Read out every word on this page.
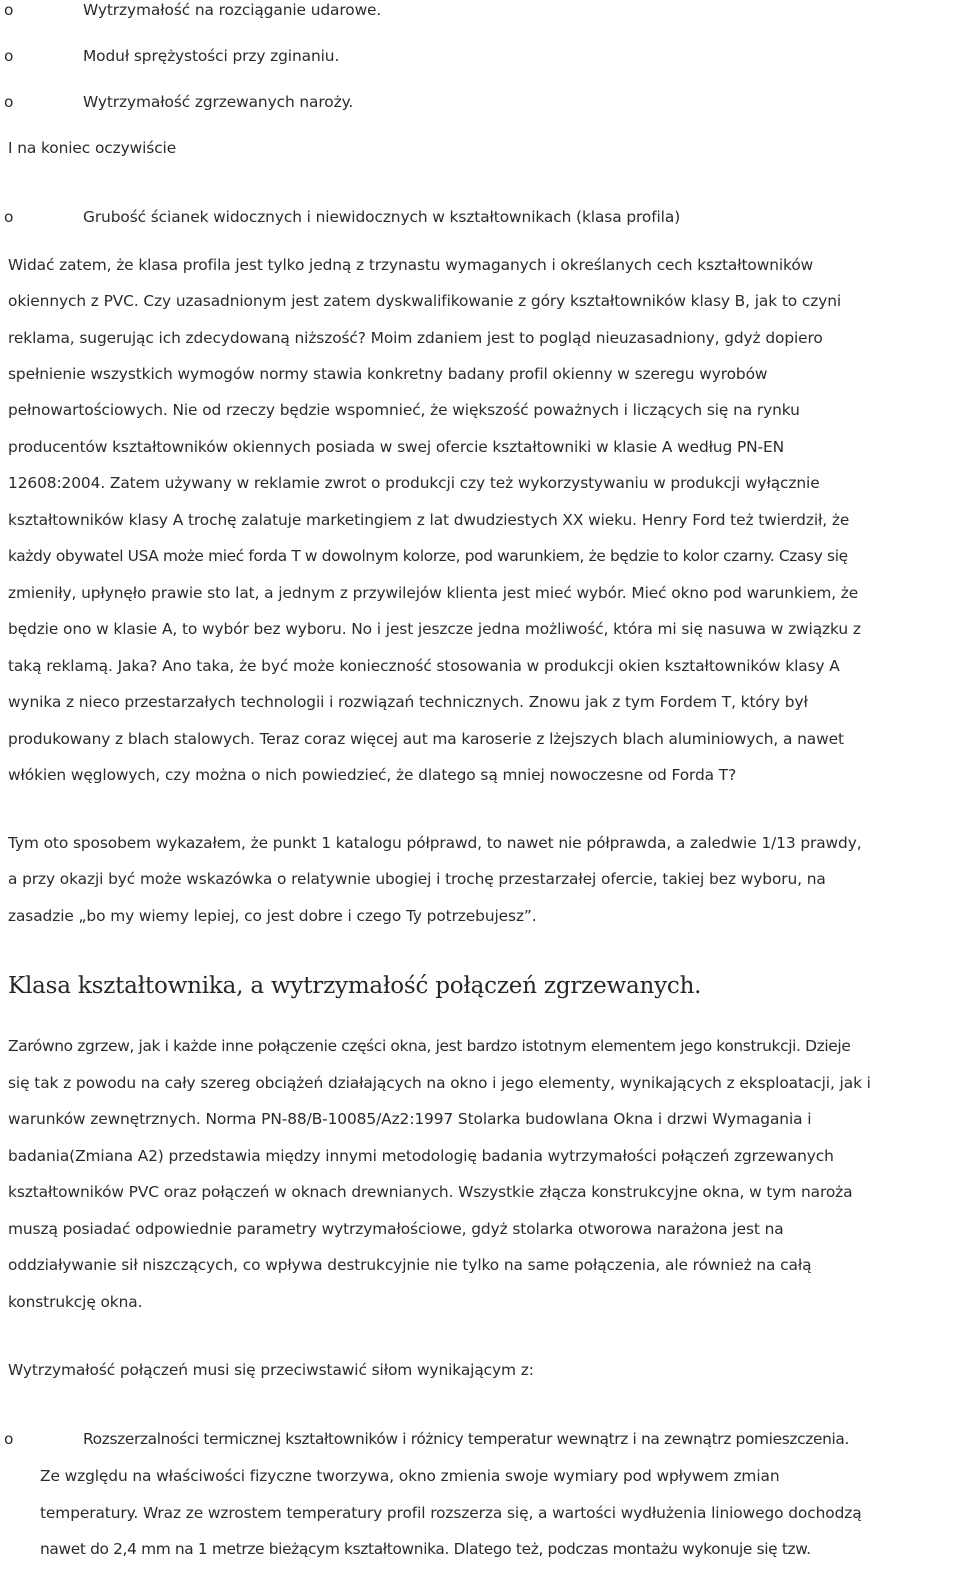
o	Wytrzymałość na rozciąganie udarowe.
o	Moduł sprężystości przy zginaniu.
o	Wytrzymałość zgrzewanych naroży.
I na koniec oczywiście
o	Grubość ścianek widocznych i niewidocznych w kształtownikach (klasa profila)
Widać zatem, że klasa profila jest tylko jedną z trzynastu wymaganych i określanych cech kształtowników
okiennych z PVC. Czy uzasadnionym jest zatem dyskwalifikowanie z góry kształtowników klasy B, jak to czyni
reklama, sugerując ich zdecydowaną niższość? Moim zdaniem jest to pogląd nieuzasadniony, gdyż dopiero
spełnienie wszystkich wymogów normy stawia konkretny badany profil okienny w szeregu wyrobów
pełnowartościowych. Nie od rzeczy będzie wspomnieć, że większość poważnych i liczących się na rynku
producentów kształtowników okiennych posiada w swej ofercie kształtowniki w klasie A według PN-EN
12608:2004. Zatem używany w reklamie zwrot o produkcji czy też wykorzystywaniu w produkcji wyłącznie
kształtowników klasy A trochę zalatuje marketingiem z lat dwudziestych XX wieku. Henry Ford też twierdził, że
każdy obywatel USA może mieć forda T w dowolnym kolorze, pod warunkiem, że będzie to kolor czarny. Czasy się
zmieniły, upłynęło prawie sto lat, a jednym z przywilejów klienta jest mieć wybór. Mieć okno pod warunkiem, że
będzie ono w klasie A, to wybór bez wyboru. No i jest jeszcze jedna możliwość, która mi się nasuwa w związku z
taką reklamą. Jaka? Ano taka, że być może konieczność stosowania w produkcji okien kształtowników klasy A
wynika z nieco przestarzałych technologii i rozwiązań technicznych. Znowu jak z tym Fordem T, który był
produkowany z blach stalowych. Teraz coraz więcej aut ma karoserie z lżejszych blach aluminiowych, a nawet
włókien węglowych, czy można o nich powiedzieć, że dlatego są mniej nowoczesne od Forda T?
Tym oto sposobem wykazałem, że punkt 1 katalogu półprawd, to nawet nie półprawda, a zaledwie 1/13 prawdy,
a przy okazji być może wskazówka o relatywnie ubogiej i trochę przestarzałej ofercie, takiej bez wyboru, na
zasadzie „bo my wiemy lepiej, co jest dobre i czego Ty potrzebujesz”.
Klasa kształtownika, a wytrzymałość połączeń zgrzewanych.
Zarówno zgrzew, jak i każde inne połączenie części okna, jest bardzo istotnym elementem jego konstrukcji. Dzieje
się tak z powodu na cały szereg obciążeń działających na okno i jego elementy, wynikających z eksploatacji, jak i
warunków zewnętrznych. Norma PN-88/B-10085/Az2:1997 Stolarka budowlana Okna i drzwi Wymagania i
badania(Zmiana A2) przedstawia między innymi metodologię badania wytrzymałości połączeń zgrzewanych
kształtowników PVC oraz połączeń w oknach drewnianych. Wszystkie złącza konstrukcyjne okna, w tym naroża
muszą posiadać odpowiednie parametry wytrzymałościowe, gdyż stolarka otworowa narażona jest na
oddziaływanie sił niszczących, co wpływa destrukcyjnie nie tylko na same połączenia, ale również na całą
konstrukcję okna.
Wytrzymałość połączeń musi się przeciwstawić siłom wynikającym z:
o	Rozszerzalności termicznej kształtowników i różnicy temperatur wewnątrz i na zewnątrz pomieszczenia.
Ze względu na właściwości fizyczne tworzywa, okno zmienia swoje wymiary pod wpływem zmian
temperatury. Wraz ze wzrostem temperatury profil rozszerza się, a wartości wydłużenia liniowego dochodzą
nawet do 2,4 mm na 1 metrze bieżącym kształtownika. Dlatego też, podczas montażu wykonuje się tzw.
